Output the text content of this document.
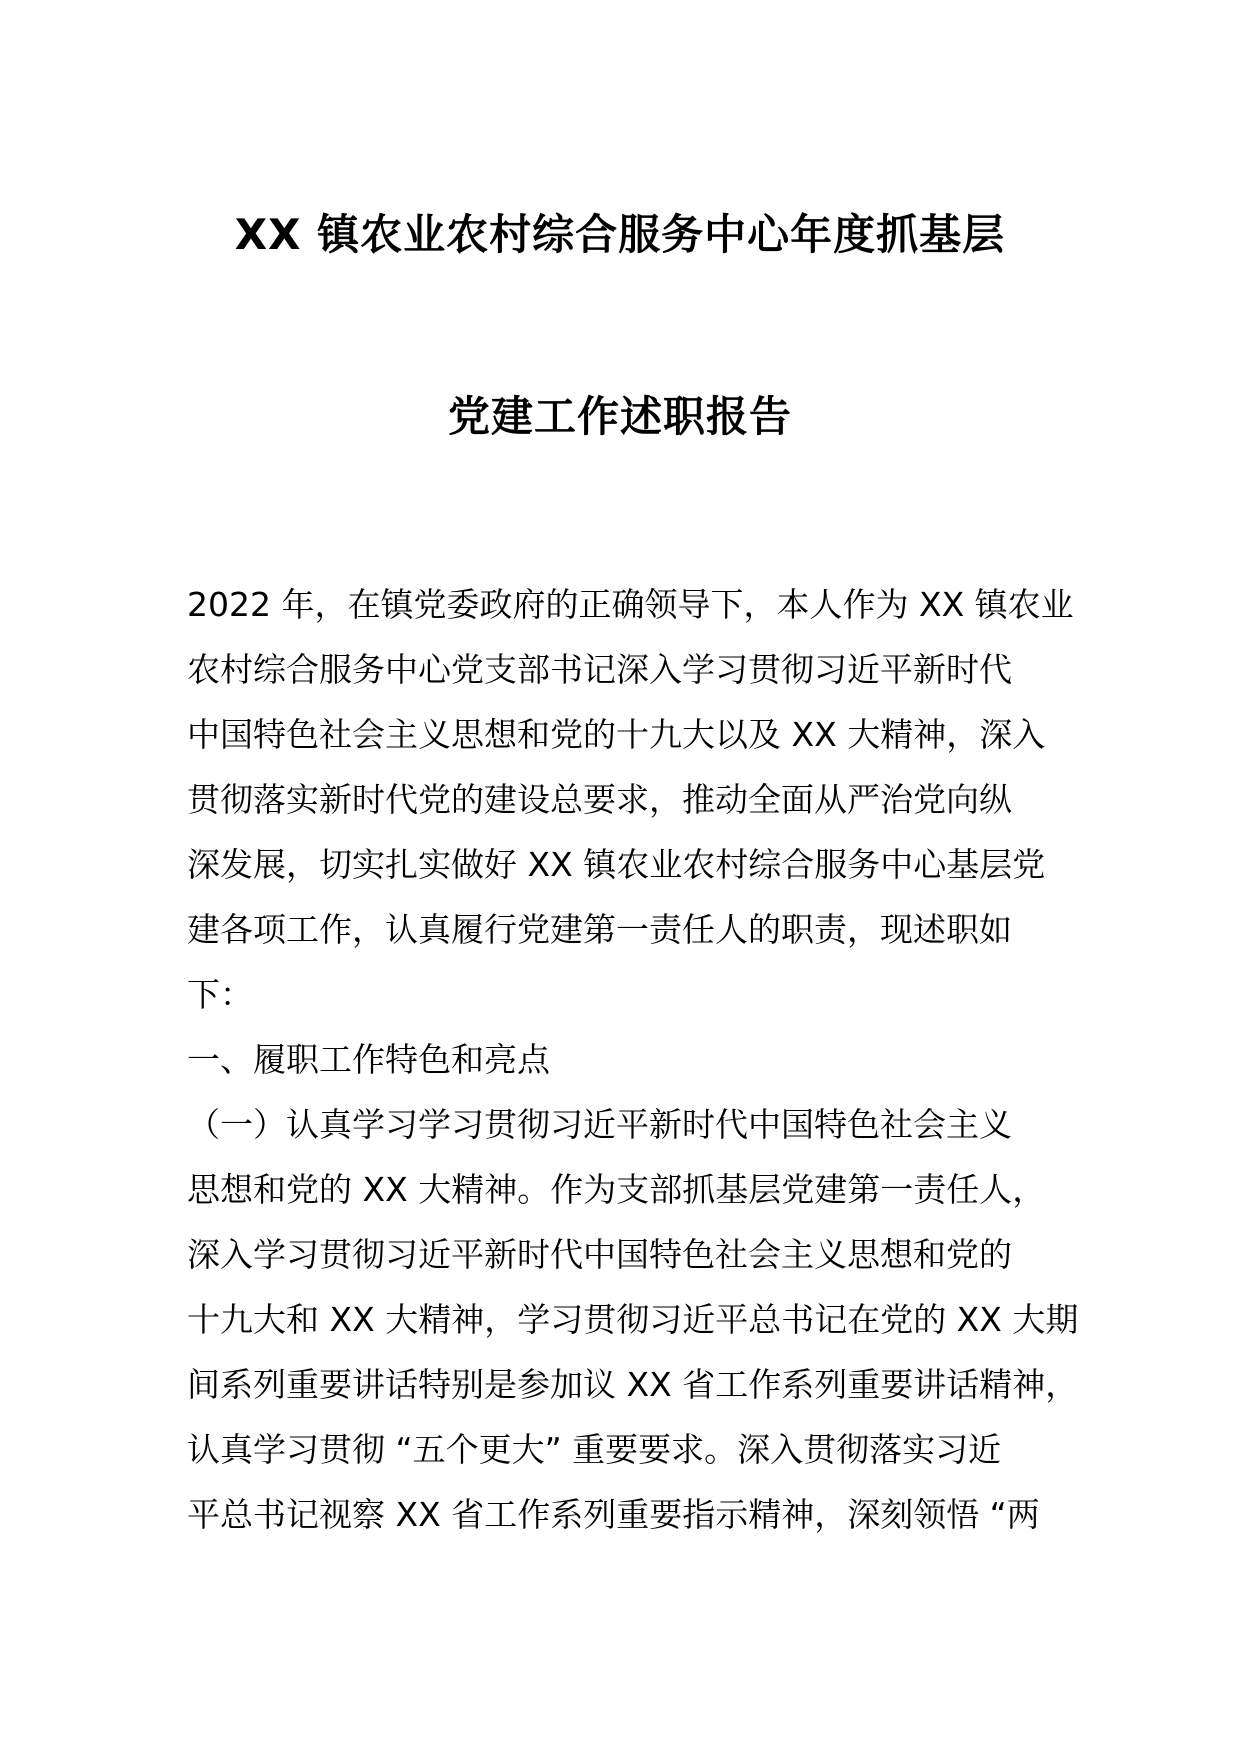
XX 镇农业农村综合服务中心年度抓基层
党建工作述职报告
2022 年，在镇党委政府的正确领导下，本人作为 XX 镇农业
农村综合服务中心党支部书记深入学习贯彻习近平新时代
中国特色社会主义思想和党的十九大以及 XX 大精神，深入
贯彻落实新时代党的建设总要求，推动全面从严治党向纵
深发展，切实扎实做好 XX 镇农业农村综合服务中心基层党
建各项工作，认真履行党建第一责任人的职责，现述职如
下：
一、履职工作特色和亮点
（一）认真学习学习贯彻习近平新时代中国特色社会主义
思想和党的 XX 大精神。作为支部抓基层党建第一责任人，
深入学习贯彻习近平新时代中国特色社会主义思想和党的
十九大和 XX 大精神，学习贯彻习近平总书记在党的 XX 大期
间系列重要讲话特别是参加议 XX 省工作系列重要讲话精神，
认真学习贯彻 “五个更大” 重要要求。深入贯彻落实习近
平总书记视察 XX 省工作系列重要指示精神，深刻领悟 “两
